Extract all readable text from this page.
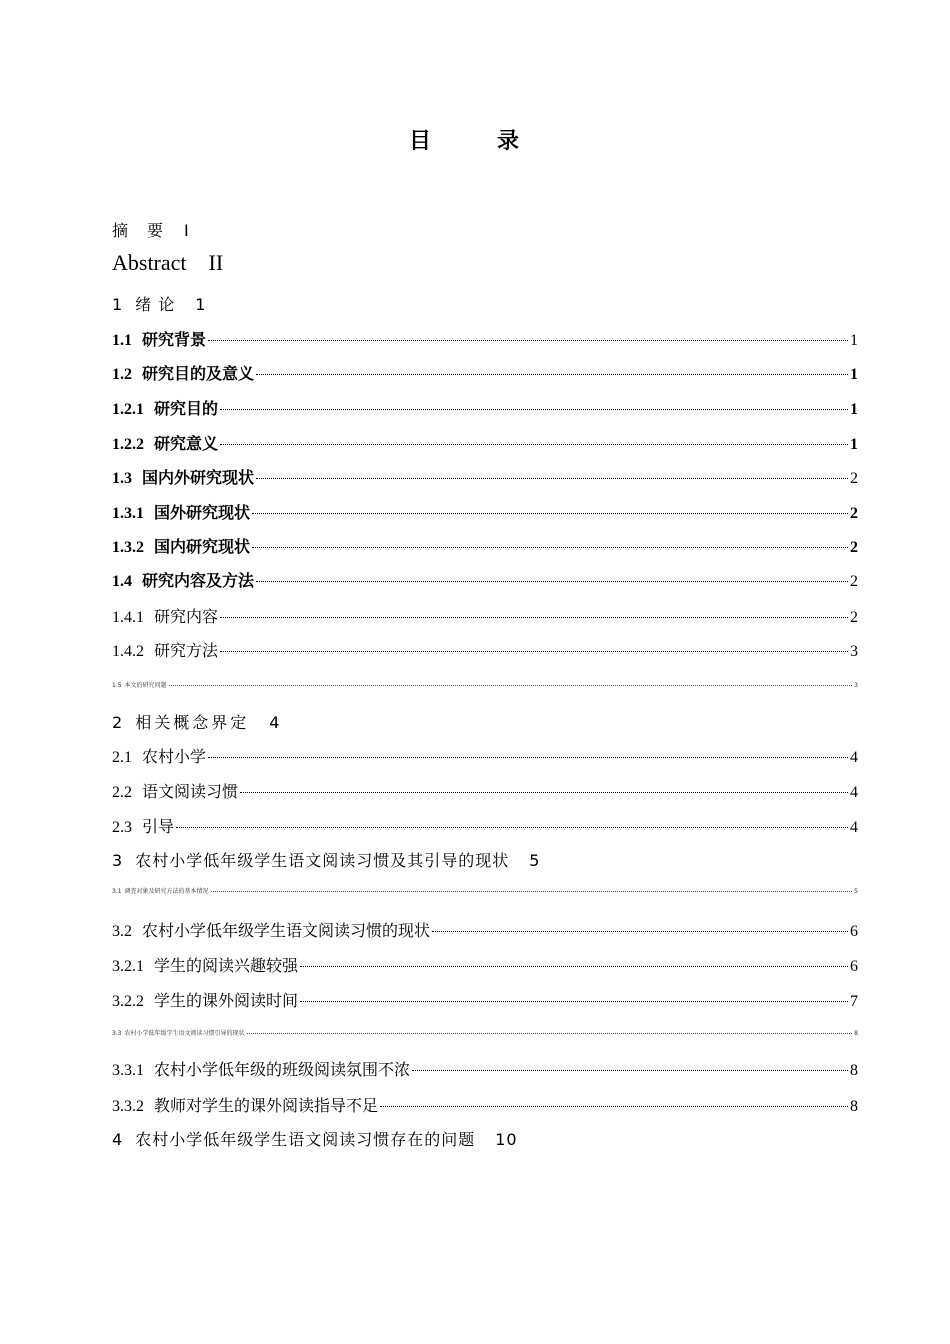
目　录
摘 要 I
Abstract II
1 绪 论 1
1.1 研究背景	1
1.2 研究目的及意义	1
1.2.1 研究目的	1
1.2.2 研究意义	1
1.3 国内外研究现状	2
1.3.1 国外研究现状	2
1.3.2 国内研究现状	2
1.4 研究内容及方法	2
1.4.1 研究内容	2
1.4.2 研究方法	3
1.5 本文的研究问题	3
2 相关概念界定 4
2.1 农村小学	4
2.2 语文阅读习惯	4
2.3 引导	4
3 农村小学低年级学生语文阅读习惯及其引导的现状 5
3.1 调查对象及研究方法的基本情况	5
3.2 农村小学低年级学生语文阅读习惯的现状	6
3.2.1 学生的阅读兴趣较强	6
3.2.2 学生的课外阅读时间	7
3.3 农村小学低年级学生语文阅读习惯引导的现状	8
3.3.1 农村小学低年级的班级阅读氛围不浓	8
3.3.2 教师对学生的课外阅读指导不足	8
4 农村小学低年级学生语文阅读习惯存在的问题 10
